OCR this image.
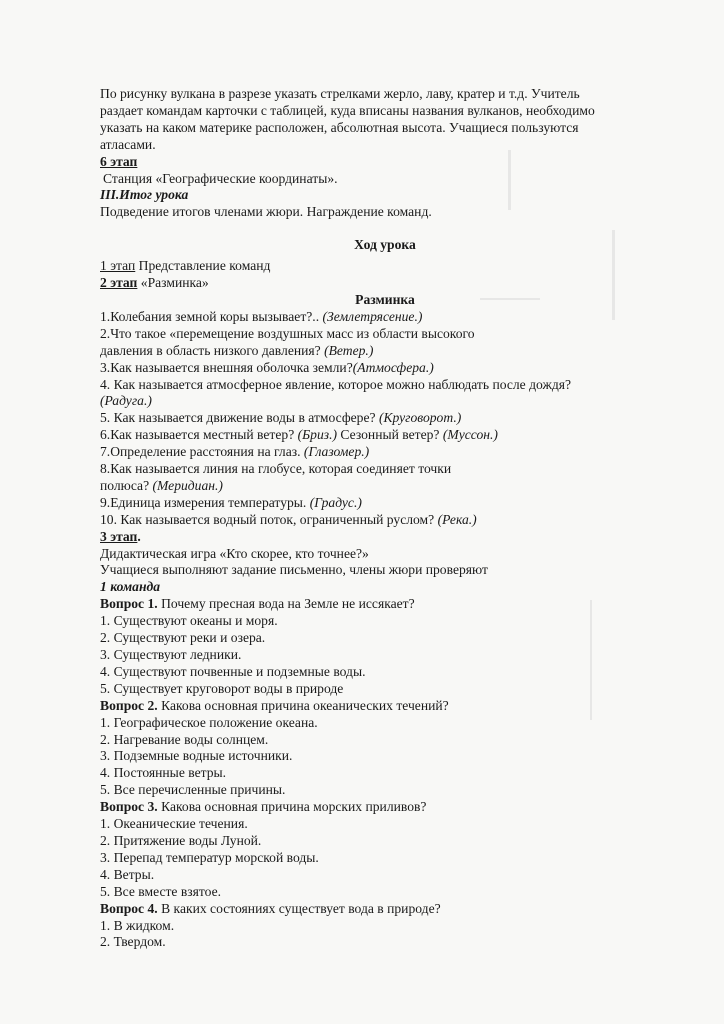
По рисунку вулкана в разрезе указать стрелками жерло, лаву, кратер и т.д. Учитель
раздает командам карточки с таблицей, куда вписаны названия вулканов, необходимо
указать на каком материке расположен, абсолютная высота. Учащиеся пользуются
атласами.
6 этап
Станция «Географические координаты».
III.Итог урока
Подведение итогов членами жюри. Награждение команд.
Ход урока
1 этап Представление команд
2 этап «Разминка»
Разминка
1.Колебания земной коры вызывает?.. (Землетрясение.)
2.Что такое «перемещение воздушных масс из области высокого
давления в область низкого давления? (Ветер.)
3.Как называется внешняя оболочка земли?(Атмосфера.)
4. Как называется атмосферное явление, которое можно наблюдать после дождя?
(Радуга.)
5. Как называется движение воды в атмосфере? (Круговорот.)
6.Как называется местный ветер? (Бриз.) Сезонный ветер? (Муссон.)
7.Определение расстояния на глаз. (Глазомер.)
8.Как называется линия на глобусе, которая соединяет точки
полюса? (Меридиан.)
9.Единица измерения температуры. (Градус.)
10. Как называется водный поток, ограниченный руслом? (Река.)
3 этап.
Дидактическая игра «Кто скорее, кто точнее?»
Учащиеся выполняют задание письменно, члены жюри проверяют
1 команда
Вопрос 1. Почему пресная вода на Земле не иссякает?
1. Существуют океаны и моря.
2. Существуют реки и озера.
3. Существуют ледники.
4. Существуют почвенные и подземные воды.
5. Существует круговорот воды в природе
Вопрос 2. Какова основная причина океанических течений?
1. Географическое положение океана.
2. Нагревание воды солнцем.
3. Подземные водные источники.
4. Постоянные ветры.
5. Все перечисленные причины.
Вопрос 3. Какова основная причина морских приливов?
1. Океанические течения.
2. Притяжение воды Луной.
3. Перепад температур морской воды.
4. Ветры.
5. Все вместе взятое.
Вопрос 4. В каких состояниях существует вода в природе?
1. В жидком.
2. Твердом.
